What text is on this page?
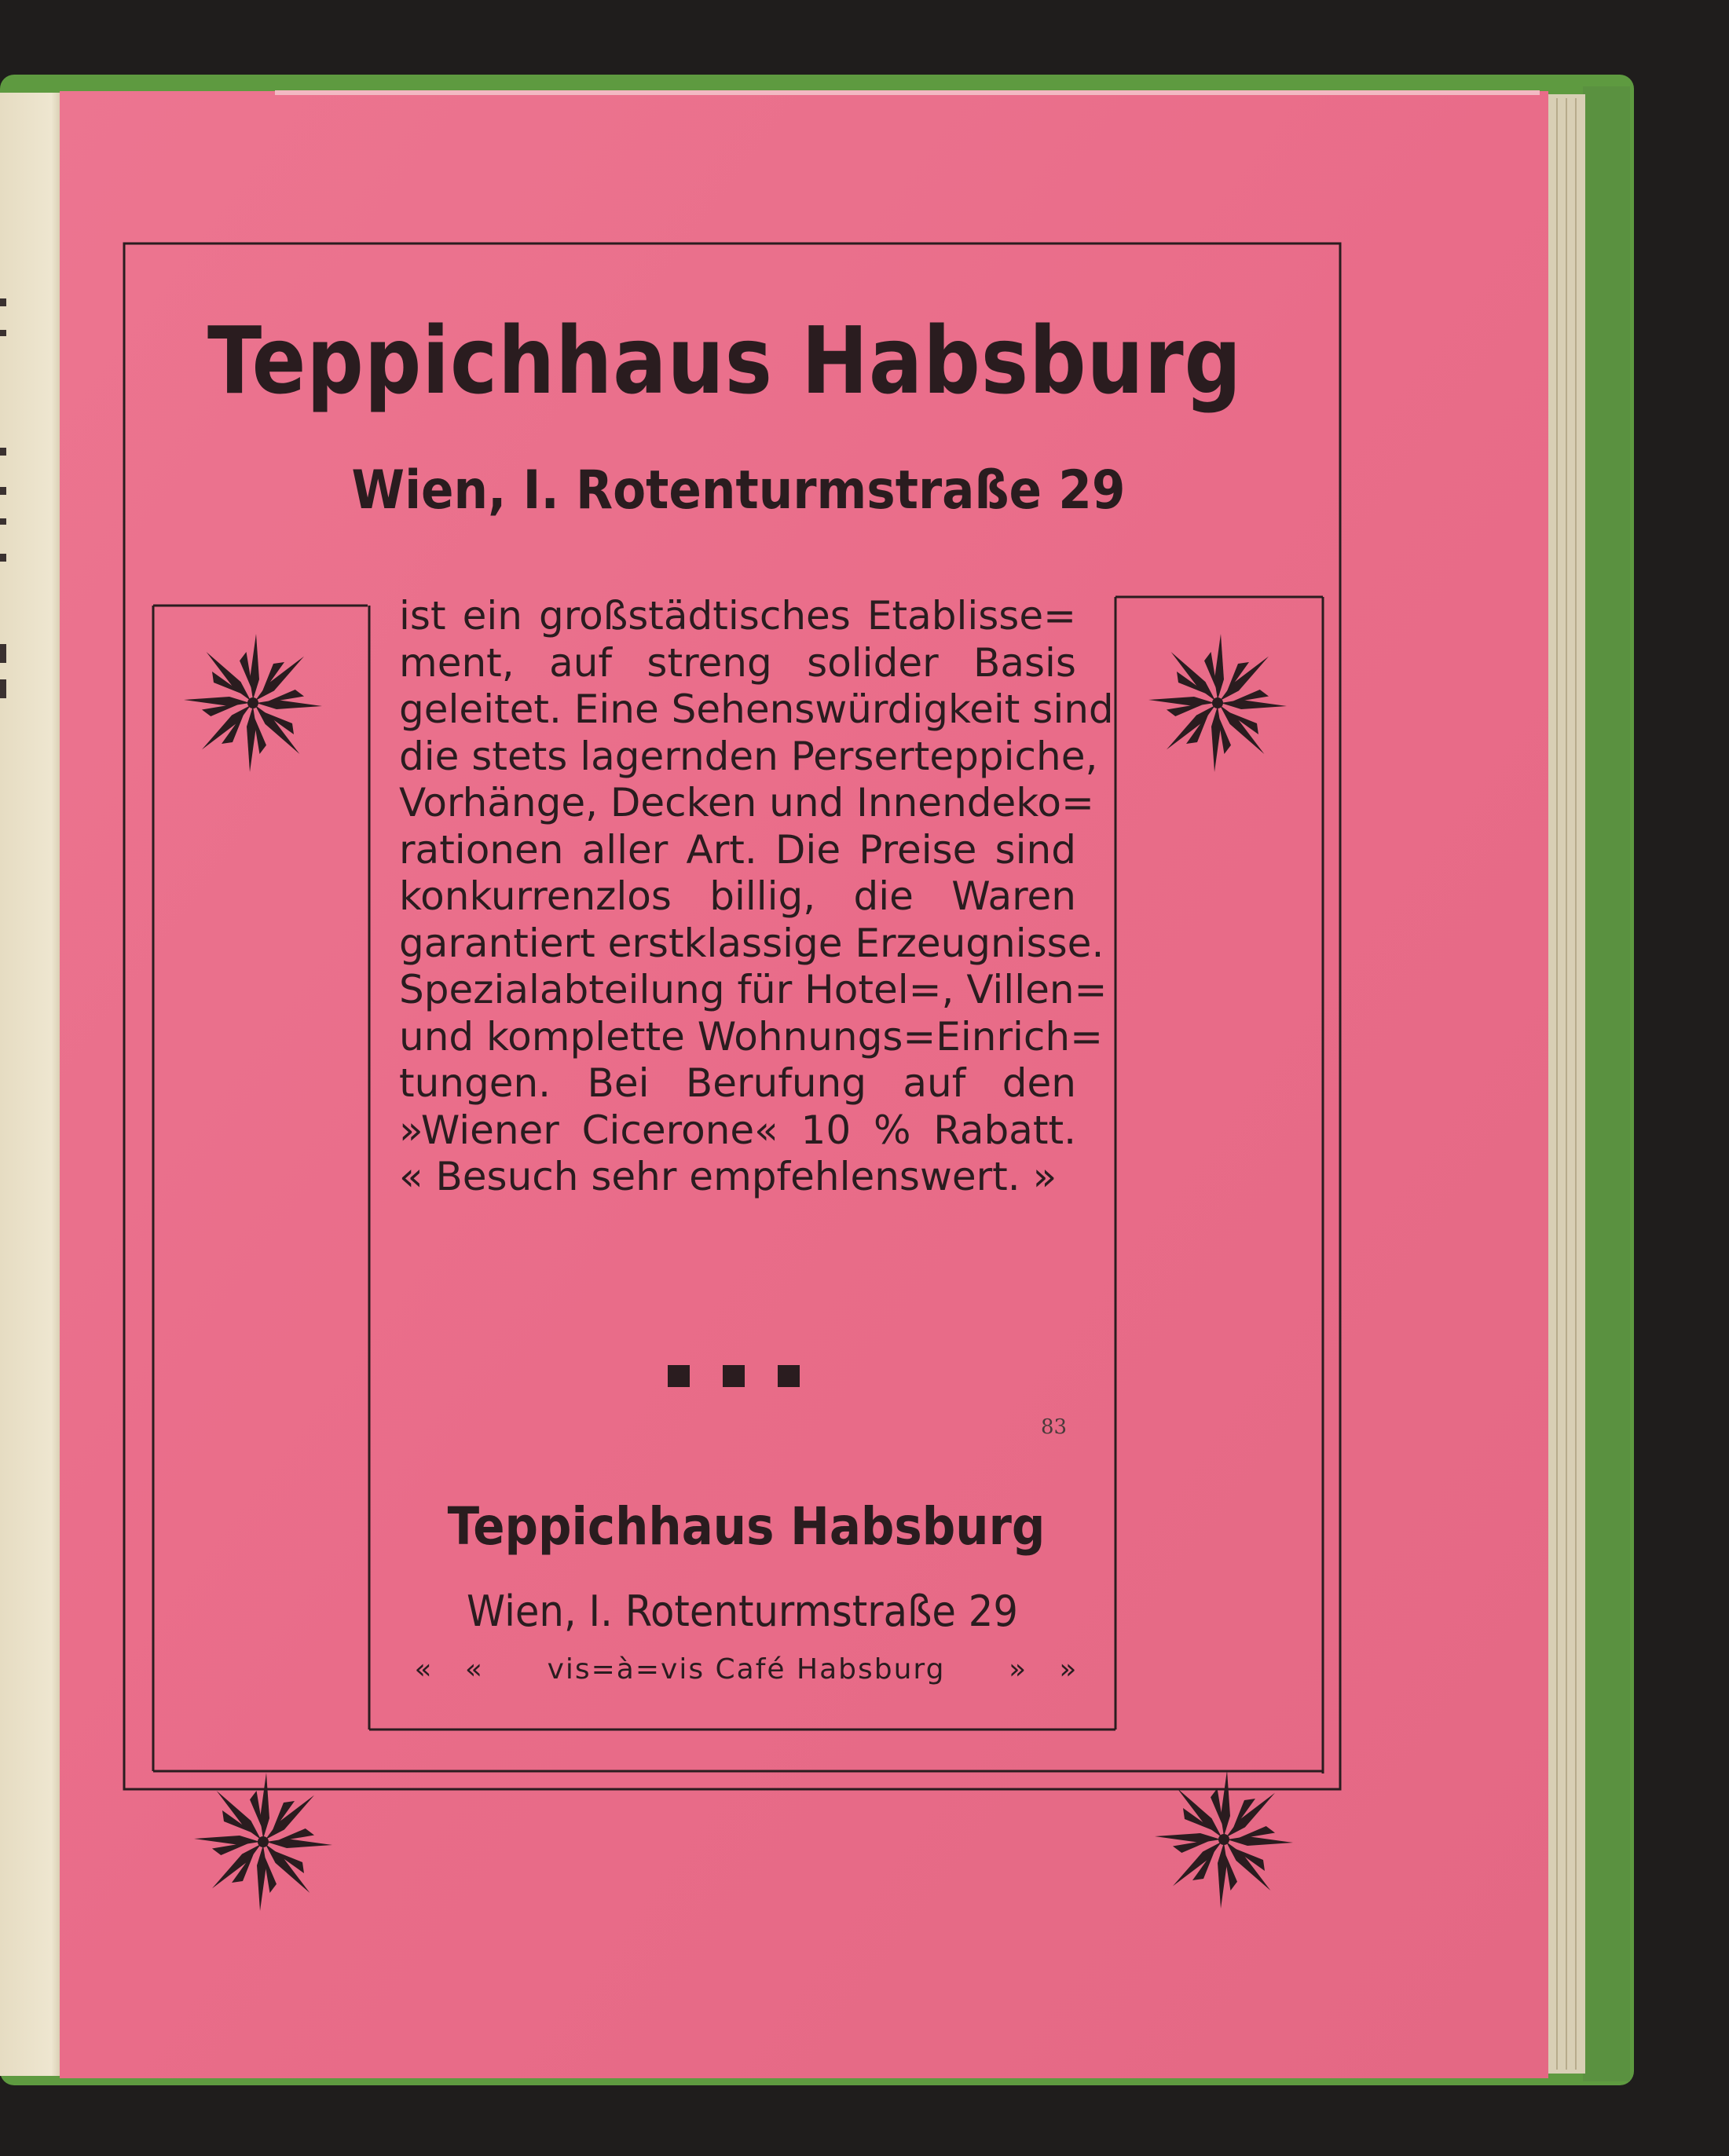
Teppichhaus Habsburg

Wien, I. Rotenturmstraße 29

ist ein großstädtisches Etablisse=
ment, auf streng solider Basis
geleitet. Eine Sehenswürdigkeit sind
die stets lagernden Perserteppiche,
Vorhänge, Decken und Innendeko=
rationen aller Art. Die Preise sind
konkurrenzlos billig, die Waren
garantiert erstklassige Erzeugnisse.
Spezialabteilung für Hotel=, Villen=
und komplette Wohnungs=Einrich=
tungen. Bei Berufung auf den
»Wiener Cicerone« 10 % Rabatt.
« Besuch sehr empfehlenswert. »

83

Teppichhaus Habsburg

Wien, I. Rotenturmstraße 29

«   «      vis=à=vis Café Habsburg      »   »
